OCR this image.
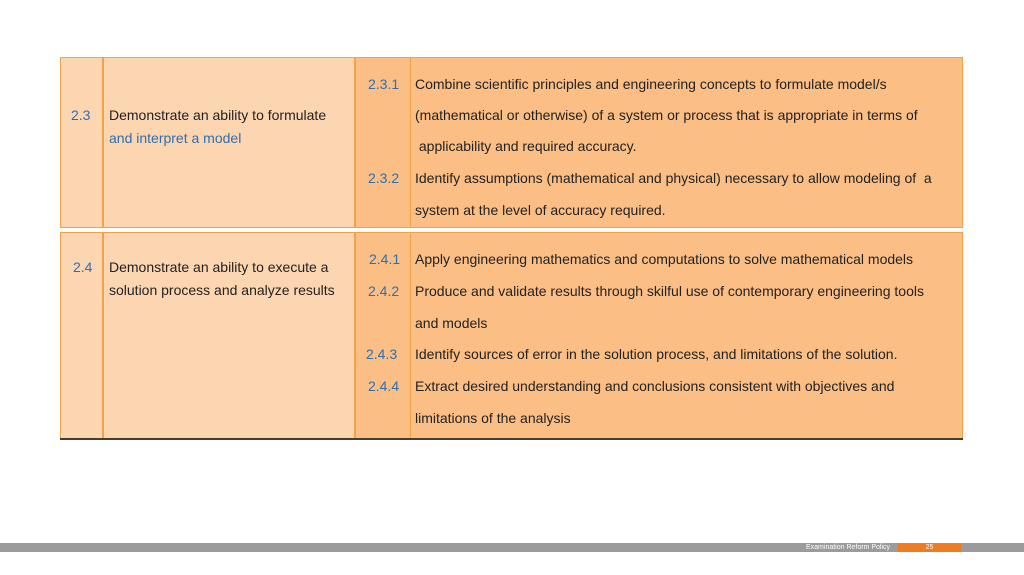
2.3 Demonstrate an ability to formulate
and interpret a model
2.3.1
2.3.2
Combine scientific principles and engineering concepts to formulate model/s
(mathematical or otherwise) of a system or process that is appropriate in terms of
applicability and required accuracy.
Identify assumptions (mathematical and physical) necessary to allow modeling of  a
system at the level of accuracy required.
2.4 Demonstrate an ability to execute a
solution process and analyze results
2.4.1
2.4.2
2.4.3
2.4.4
Apply engineering mathematics and computations to solve mathematical models
Produce and validate results through skilful use of contemporary engineering tools
and models
Identify sources of error in the solution process, and limitations of the solution.
Extract desired understanding and conclusions consistent with objectives and
limitations of the analysis
Examination Reform Policy	25
